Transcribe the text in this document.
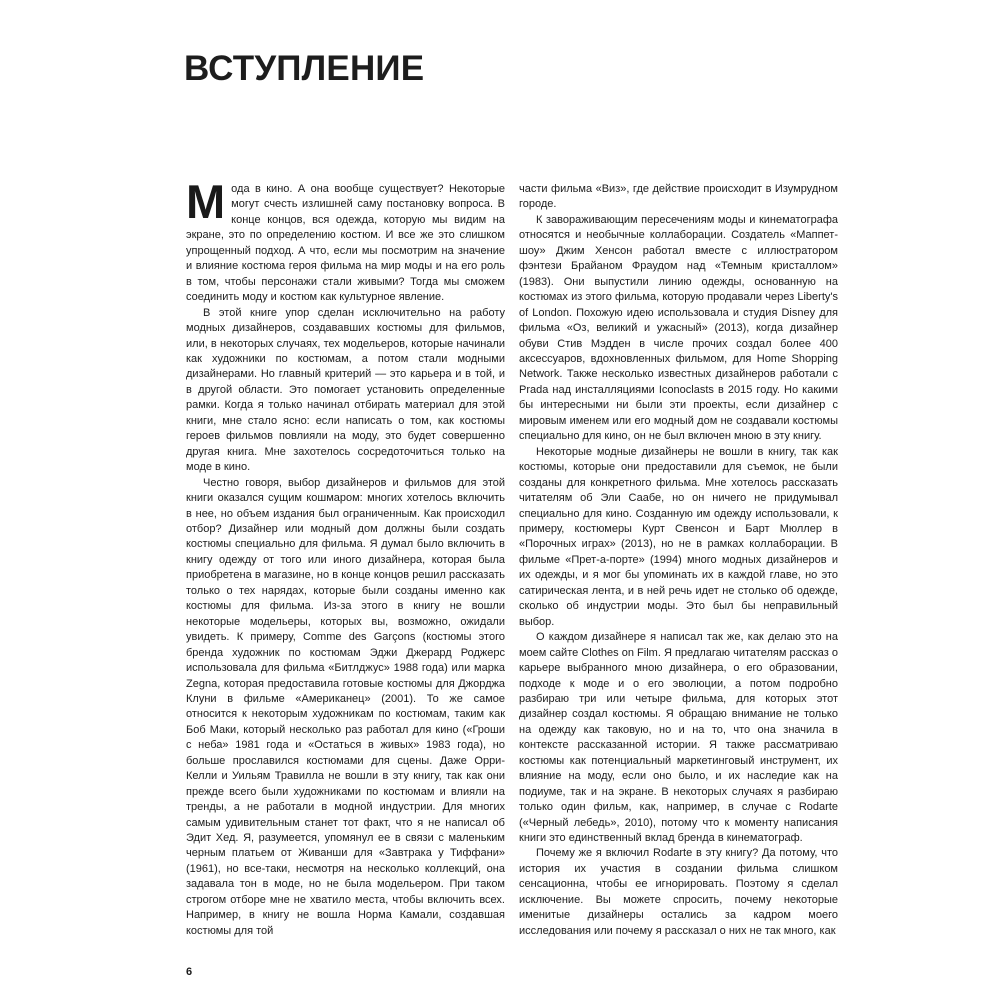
ВСТУПЛЕНИЕ

Мода в кино. А она вообще существует? Некоторые могут счесть излишней саму постановку вопроса. В конце концов, вся одежда, которую мы видим на экране, это по определению костюм. И все же это слишком упрощенный подход. А что, если мы посмотрим на значение и влияние костюма героя фильма на мир моды и на его роль в том, чтобы персонажи стали живыми? Тогда мы сможем соединить моду и костюм как культурное явление.

В этой книге упор сделан исключительно на работу модных дизайнеров, создававших костюмы для фильмов, или, в некоторых случаях, тех модельеров, которые начинали как художники по костюмам, а потом стали модными дизайнерами. Но главный критерий — это карьера и в той, и в другой области. Это помогает установить определенные рамки. Когда я только начинал отбирать материал для этой книги, мне стало ясно: если написать о том, как костюмы героев фильмов повлияли на моду, это будет совершенно другая книга. Мне захотелось сосредоточиться только на моде в кино.

Честно говоря, выбор дизайнеров и фильмов для этой книги оказался сущим кошмаром: многих хотелось включить в нее, но объем издания был ограниченным. Как происходил отбор? Дизайнер или модный дом должны были создать костюмы специально для фильма. Я думал было включить в книгу одежду от того или иного дизайнера, которая была приобретена в магазине, но в конце концов решил рассказать только о тех нарядах, которые были созданы именно как костюмы для фильма. Из-за этого в книгу не вошли некоторые модельеры, которых вы, возможно, ожидали увидеть. К примеру, Comme des Garçons (костюмы этого бренда художник по костюмам Эджи Джерард Роджерс использовала для фильма «Битлджус» 1988 года) или марка Zegna, которая предоставила готовые костюмы для Джорджа Клуни в фильме «Американец» (2001). То же самое относится к некоторым художникам по костюмам, таким как Боб Маки, который несколько раз работал для кино («Гроши с неба» 1981 года и «Остаться в живых» 1983 года), но больше прославился костюмами для сцены. Даже Орри-Келли и Уильям Травилла не вошли в эту книгу, так как они прежде всего были художниками по костюмам и влияли на тренды, а не работали в модной индустрии. Для многих самым удивительным станет тот факт, что я не написал об Эдит Хед. Я, разумеется, упомянул ее в связи с маленьким черным платьем от Живанши для «Завтрака у Тиффани» (1961), но все-таки, несмотря на несколько коллекций, она задавала тон в моде, но не была модельером. При таком строгом отборе мне не хватило места, чтобы включить всех. Например, в книгу не вошла Норма Камали, создавшая костюмы для той

части фильма «Виз», где действие происходит в Изумрудном городе.

К завораживающим пересечениям моды и кинематографа относятся и необычные коллаборации. Создатель «Маппет-шоу» Джим Хенсон работал вместе с иллюстратором фэнтези Брайаном Фраудом над «Темным кристаллом» (1983). Они выпустили линию одежды, основанную на костюмах из этого фильма, которую продавали через Liberty's of London. Похожую идею использовала и студия Disney для фильма «Оз, великий и ужасный» (2013), когда дизайнер обуви Стив Мэдден в числе прочих создал более 400 аксессуаров, вдохновленных фильмом, для Home Shopping Network. Также несколько известных дизайнеров работали с Prada над инсталляциями Iconoclasts в 2015 году. Но какими бы интересными ни были эти проекты, если дизайнер с мировым именем или его модный дом не создавали костюмы специально для кино, он не был включен мною в эту книгу.

Некоторые модные дизайнеры не вошли в книгу, так как костюмы, которые они предоставили для съемок, не были созданы для конкретного фильма. Мне хотелось рассказать читателям об Эли Саабе, но он ничего не придумывал специально для кино. Созданную им одежду использовали, к примеру, костюмеры Курт Свенсон и Барт Мюллер в «Порочных играх» (2013), но не в рамках коллаборации. В фильме «Прет-а-порте» (1994) много модных дизайнеров и их одежды, и я мог бы упоминать их в каждой главе, но это сатирическая лента, и в ней речь идет не столько об одежде, сколько об индустрии моды. Это был бы неправильный выбор.

О каждом дизайнере я написал так же, как делаю это на моем сайте Clothes on Film. Я предлагаю читателям рассказ о карьере выбранного мною дизайнера, о его образовании, подходе к моде и о его эволюции, а потом подробно разбираю три или четыре фильма, для которых этот дизайнер создал костюмы. Я обращаю внимание не только на одежду как таковую, но и на то, что она значила в контексте рассказанной истории. Я также рассматриваю костюмы как потенциальный маркетинговый инструмент, их влияние на моду, если оно было, и их наследие как на подиуме, так и на экране. В некоторых случаях я разбираю только один фильм, как, например, в случае с Rodarte («Черный лебедь», 2010), потому что к моменту написания книги это единственный вклад бренда в кинематограф.

Почему же я включил Rodarte в эту книгу? Да потому, что история их участия в создании фильма слишком сенсационна, чтобы ее игнорировать. Поэтому я сделал исключение. Вы можете спросить, почему некоторые именитые дизайнеры остались за кадром моего исследования или почему я рассказал о них не так много, как

6
